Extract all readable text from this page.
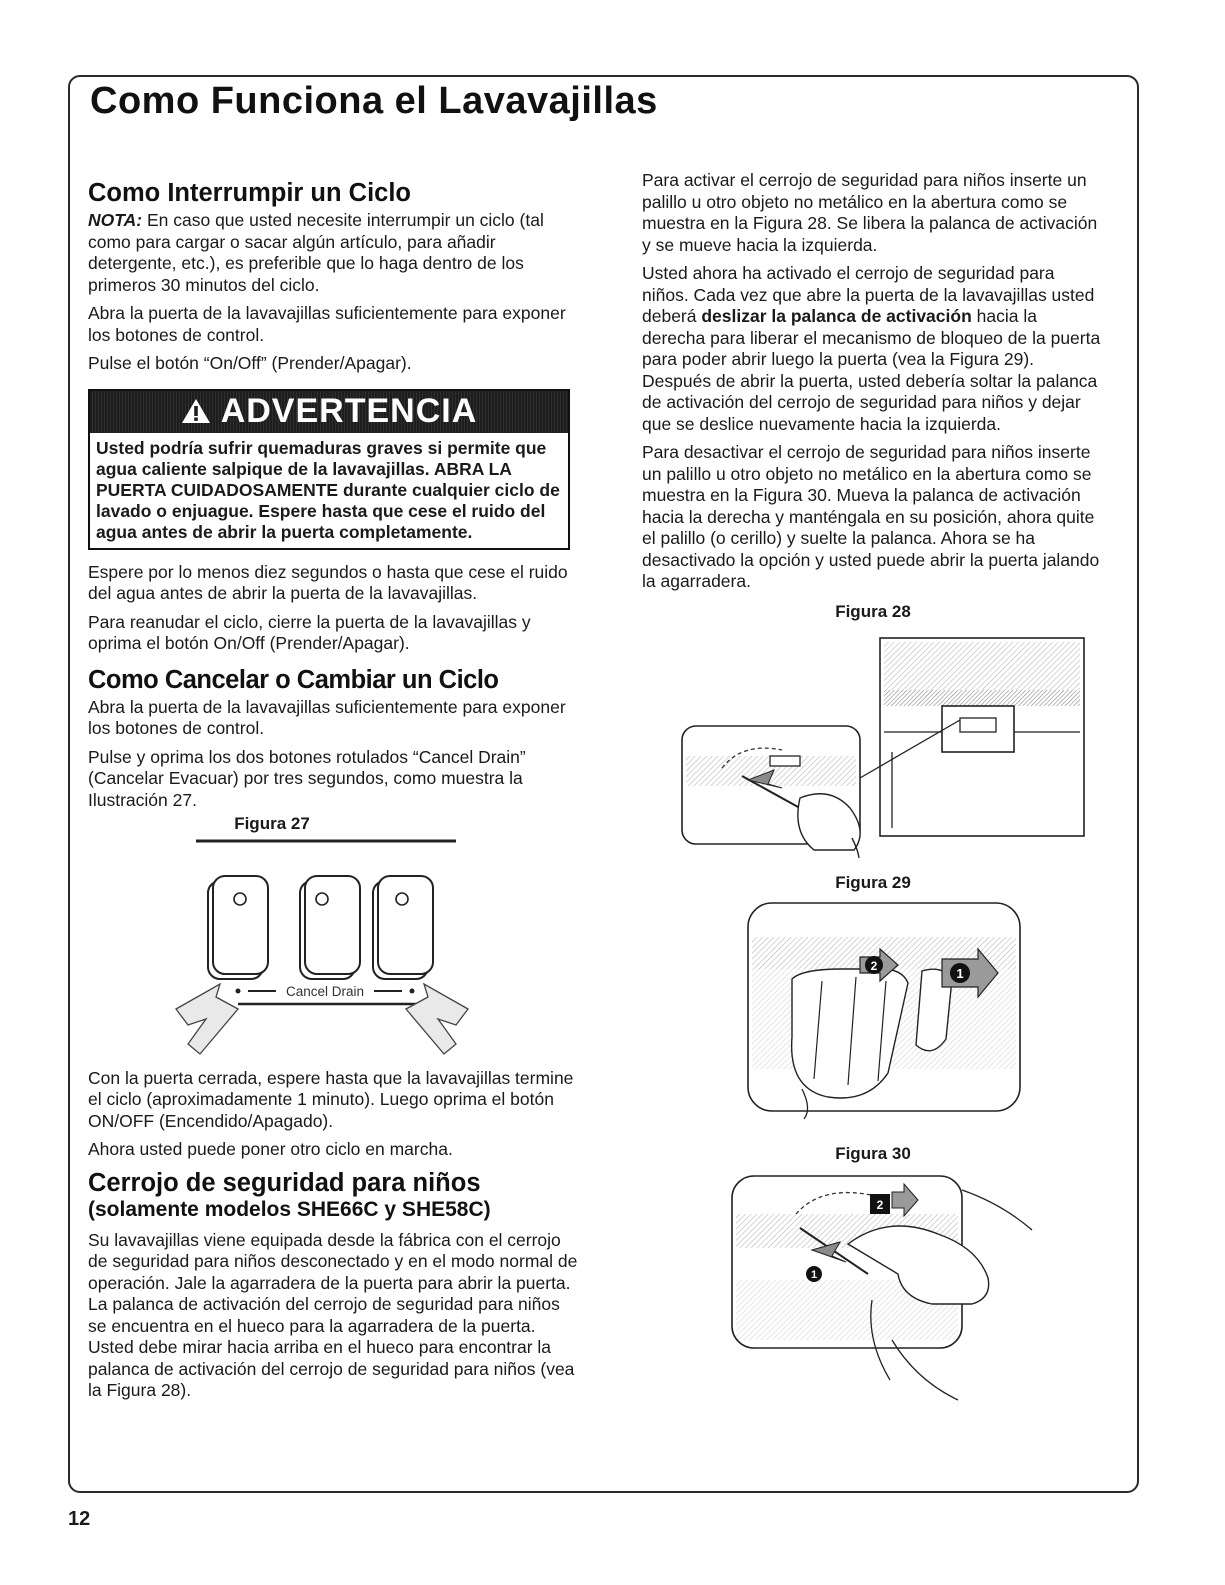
Como Funciona el Lavavajillas
Como Interrumpir un Ciclo

NOTA: En caso que usted necesite interrumpir un ciclo (tal como para cargar o sacar algún artículo, para añadir detergente, etc.), es preferible que lo haga dentro de los primeros 30 minutos del ciclo.

Abra la puerta de la lavavajillas suficientemente para exponer los botones de control.

Pulse el botón “On/Off” (Prender/Apagar).

ADVERTENCIA
Usted podría sufrir quemaduras graves si permite que agua caliente salpique de la lavavajillas. ABRA LA PUERTA CUIDADOSAMENTE durante cualquier ciclo de lavado o enjuague. Espere hasta que cese el ruido del agua antes de abrir la puerta completamente.

Espere por lo menos diez segundos o hasta que cese el ruido del agua antes de abrir la puerta de la lavavajillas.

Para reanudar el ciclo, cierre la puerta de la lavavajillas y oprima el botón On/Off (Prender/Apagar).

Como Cancelar o Cambiar un Ciclo

Abra la puerta de la lavavajillas suficientemente para exponer los botones de control.

Pulse y oprima los dos botones rotulados “Cancel Drain” (Cancelar Evacuar) por tres segundos, como muestra la Ilustración 27.

Figura 27
Cancel Drain

Con la puerta cerrada, espere hasta que la lavavajillas termine el ciclo (aproximadamente 1 minuto). Luego oprima el botón ON/OFF (Encendido/Apagado).

Ahora usted puede poner otro ciclo en marcha.

Cerrojo de seguridad para niños
(solamente modelos SHE66C y SHE58C)

Su lavavajillas viene equipada desde la fábrica con el cerrojo de seguridad para niños desconectado y en el modo normal de operación. Jale la agarradera de la puerta para abrir la puerta. La palanca de activación del cerrojo de seguridad para niños se encuentra en el hueco para la agarradera de la puerta. Usted debe mirar hacia arriba en el hueco para encontrar la palanca de activación del cerrojo de seguridad para niños (vea la Figura 28).

Para activar el cerrojo de seguridad para niños inserte un palillo u otro objeto no metálico en la abertura como se muestra en la Figura 28. Se libera la palanca de activación y se mueve hacia la izquierda.

Usted ahora ha activado el cerrojo de seguridad para niños. Cada vez que abre la puerta de la lavavajillas usted deberá deslizar la palanca de activación hacia la derecha para liberar el mecanismo de bloqueo de la puerta para poder abrir luego la puerta (vea la Figura 29). Después de abrir la puerta, usted debería soltar la palanca de activación del cerrojo de seguridad para niños y dejar que se deslice nuevamente hacia la izquierda.

Para desactivar el cerrojo de seguridad para niños inserte un palillo u otro objeto no metálico en la abertura como se muestra en la Figura 30. Mueva la palanca de activación hacia la derecha y manténgala en su posición, ahora quite el palillo (o cerillo) y suelte la palanca. Ahora se ha desactivado la opción y usted puede abrir la puerta jalando la agarradera.

Figura 28
Figura 29
2	1
Figura 30
2
1
12
